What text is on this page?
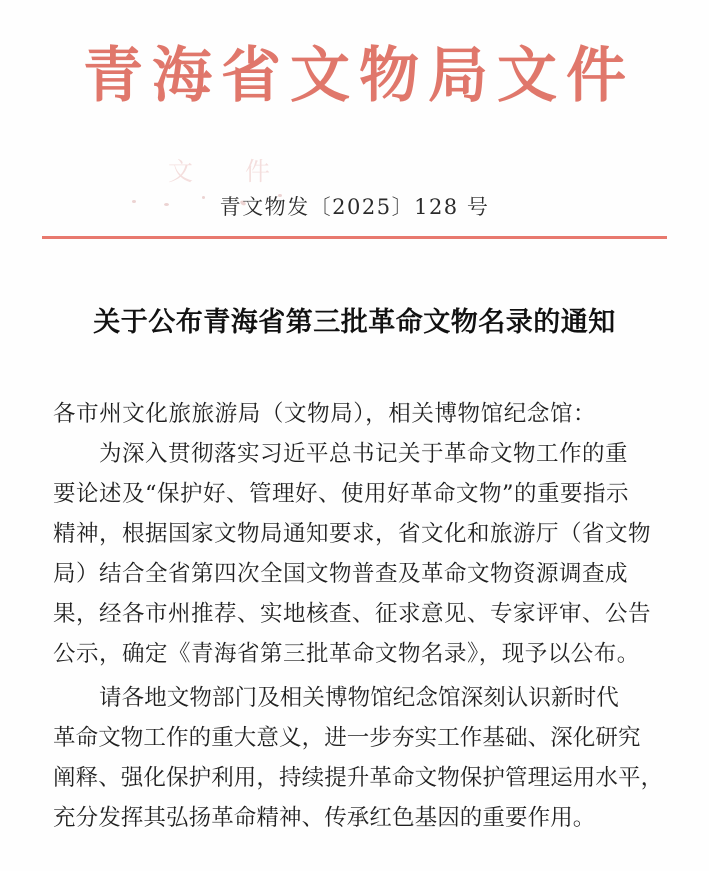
青海省文物局文件
文 件
青文物发〔2025〕128 号
关于公布青海省第三批革命文物名录的通知
各市州文化旅旅游局（文物局），相关博物馆纪念馆：

为深入贯彻落实习近平总书记关于革命文物工作的重
要论述及“保护好、管理好、使用好革命文物”的重要指示
精神，根据国家文物局通知要求，省文化和旅游厅（省文物
局）结合全省第四次全国文物普查及革命文物资源调查成
果，经各市州推荐、实地核查、征求意见、专家评审、公告
公示，确定《青海省第三批革命文物名录》，现予以公布。

请各地文物部门及相关博物馆纪念馆深刻认识新时代
革命文物工作的重大意义，进一步夯实工作基础、深化研究
阐释、强化保护利用，持续提升革命文物保护管理运用水平，
充分发挥其弘扬革命精神、传承红色基因的重要作用。
